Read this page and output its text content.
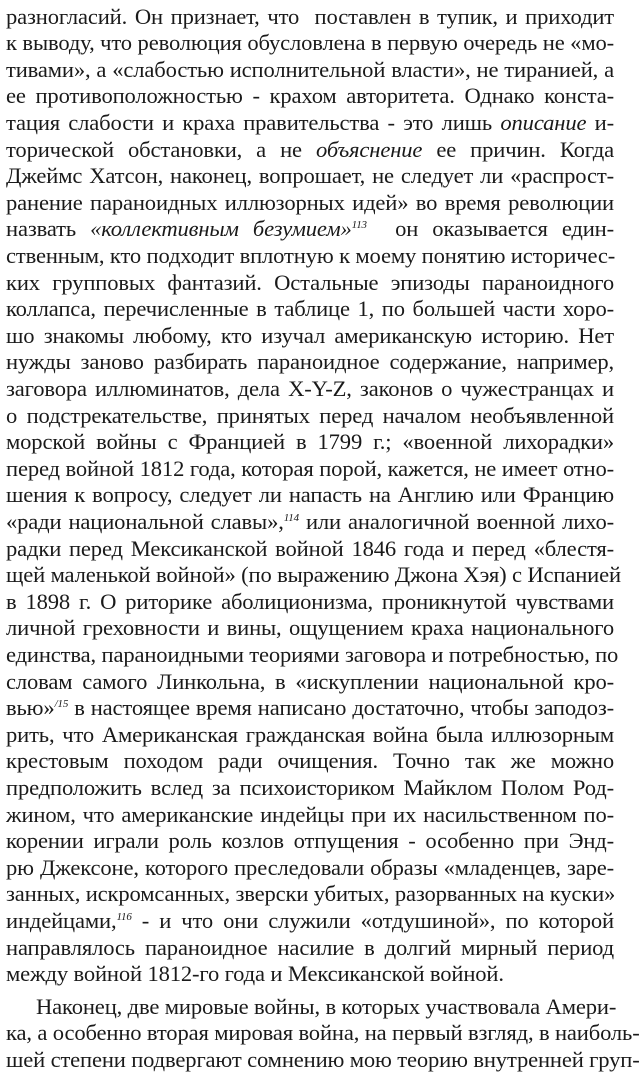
разногласий. Он признает, что  поставлен в тупик, и приходит
к выводу, что революция обусловлена в первую очередь не «мо-
тивами», а «слабостью исполнительной власти», не тиранией, а
ее противоположностью - крахом авторитета. Однако конста-
тация слабости и краха правительства - это лишь описание и-
торической обстановки, а не объяснение ее причин. Когда
Джеймс Хатсон, наконец, вопрошает, не следует ли «распрост-
ранение параноидных иллюзорных идей» во время революции
назвать «коллективным безумием»$^{113}$  он оказывается един-
ственным, кто подходит вплотную к моему понятию историчес-
ких групповых фантазий. Остальные эпизоды параноидного
коллапса, перечисленные в таблице 1, по большей части хоро-
шо знакомы любому, кто изучал американскую историю. Нет
нужды заново разбирать параноидное содержание, например,
заговора иллюминатов, дела X-Y-Z, законов о чужестранцах и
о подстрекательстве, принятых перед началом необъявленной
морской войны с Францией в 1799 г.; «военной лихорадки»
перед войной 1812 года, которая порой, кажется, не имеет отно-
шения к вопросу, следует ли напасть на Англию или Францию
«ради национальной славы»,$^{114}$ или аналогичной военной лихо-
радки перед Мексиканской войной 1846 года и перед «блестя-
щей маленькой войной» (по выражению Джона Хэя) с Испанией
в 1898 г. О риторике аболиционизма, проникнутой чувствами
личной греховности и вины, ощущением краха национального
единства, параноидными теориями заговора и потребностью, по
словам самого Линкольна, в «искуплении национальной кро-
вью»$^{/15}$ в настоящее время написано достаточно, чтобы заподоз-
рить, что Американская гражданская война была иллюзорным
крестовым походом ради очищения. Точно так же можно
предположить вслед за психоисториком Майклом Полом Род-
жином, что американские индейцы при их насильственном по-
корении играли роль козлов отпущения - особенно при Энд-
рю Джексоне, которого преследовали образы «младенцев, заре-
занных, искромсанных, зверски убитых, разорванных на куски»
индейцами,$^{116}$ - и что они служили «отдушиной», по которой
направлялось параноидное насилие в долгий мирный период
между войной 1812-го года и Мексиканской войной.
Наконец, две мировые войны, в которых участвовала Амери-
ка, а особенно вторая мировая война, на первый взгляд, в наиболь-
шей степени подвергают сомнению мою теорию внутренней груп-
